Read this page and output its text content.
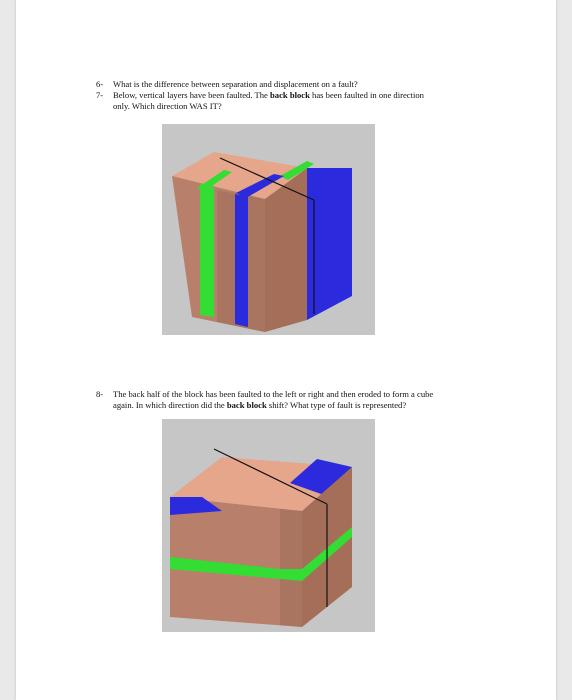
6- What is the difference between separation and displacement on a fault?
7- Below, vertical layers have been faulted. The back block has been faulted in one direction
only. Which direction WAS IT?
8- The back half of the block has been faulted to the left or right and then eroded to form a cube
again. In which direction did the back block shift? What type of fault is represented?
